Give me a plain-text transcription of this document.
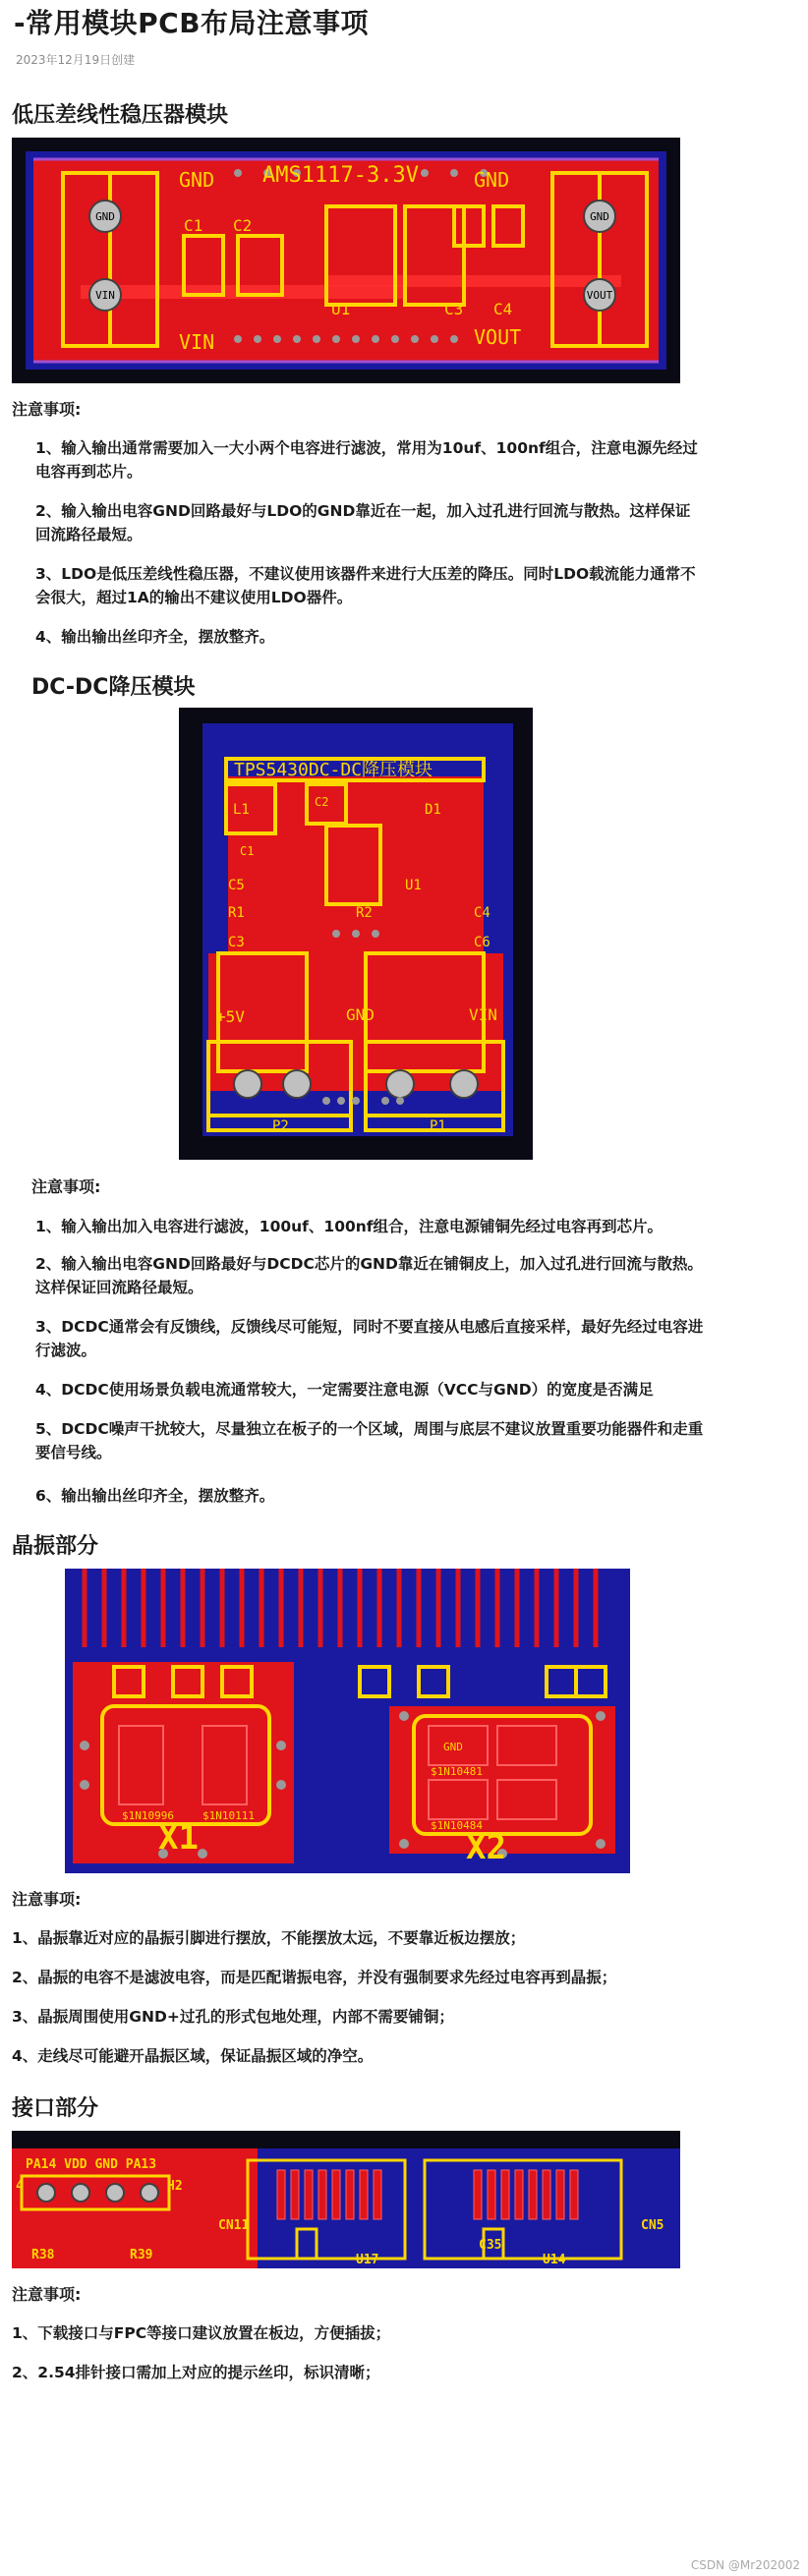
-常用模块PCB布局注意事项
2023年12月19日创建
低压差线性稳压器模块
GND
VIN
GND
VOUT
GND AMS1117-3.3V	GND
VIN	VOUT
C1 C2
U1	C3 C4
注意事项:
1、输入输出通常需要加入一大小两个电容进行滤波，常用为10uf、100nf组合，注意电源先经过电容再到芯片。
2、输入输出电容GND回路最好与LDO的GND靠近在一起，加入过孔进行回流与散热。这样保证回流路径最短。
3、LDO是低压差线性稳压器，不建议使用该器件来进行大压差的降压。同时LDO载流能力通常不会很大，超过1A的输出不建议使用LDO器件。
4、输出输出丝印齐全，摆放整齐。
DC-DC降压模块
TPS5430DC-DC降压模块
L1	D1
C5
R1	R2
U1
C4
C3	C6
+5V	GND	VIN
P2	P1
C2
C1
注意事项:
1、输入输出加入电容进行滤波，100uf、100nf组合，注意电源铺铜先经过电容再到芯片。
2、输入输出电容GND回路最好与DCDC芯片的GND靠近在铺铜皮上，加入过孔进行回流与散热。这样保证回流路径最短。
3、DCDC通常会有反馈线，反馈线尽可能短，同时不要直接从电感后直接采样，最好先经过电容进行滤波。
4、DCDC使用场景负载电流通常较大，一定需要注意电源（VCC与GND）的宽度是否满足
5、DCDC噪声干扰较大，尽量独立在板子的一个区域，周围与底层不建议放置重要功能器件和走重要信号线。
6、输出输出丝印齐全，摆放整齐。
晶振部分
X1	X2
$1N10996	$1N10111
$1N10481
$1N10484
GND
注意事项:
1、晶振靠近对应的晶振引脚进行摆放，不能摆放太远，不要靠近板边摆放；
2、晶振的电容不是滤波电容，而是匹配谐振电容，并没有强制要求先经过电容再到晶振；
3、晶振周围使用GND+过孔的形式包地处理，内部不需要铺铜；
4、走线尽可能避开晶振区域，保证晶振区域的净空。
接口部分
PA14 VDD GND PA13
H2
4
R38	R39
CN11	CN5
C35
U14
U17
注意事项:
1、下载接口与FPC等接口建议放置在板边，方便插拔；
2、2.54排针接口需加上对应的提示丝印，标识清晰；
CSDN @Mr202002
